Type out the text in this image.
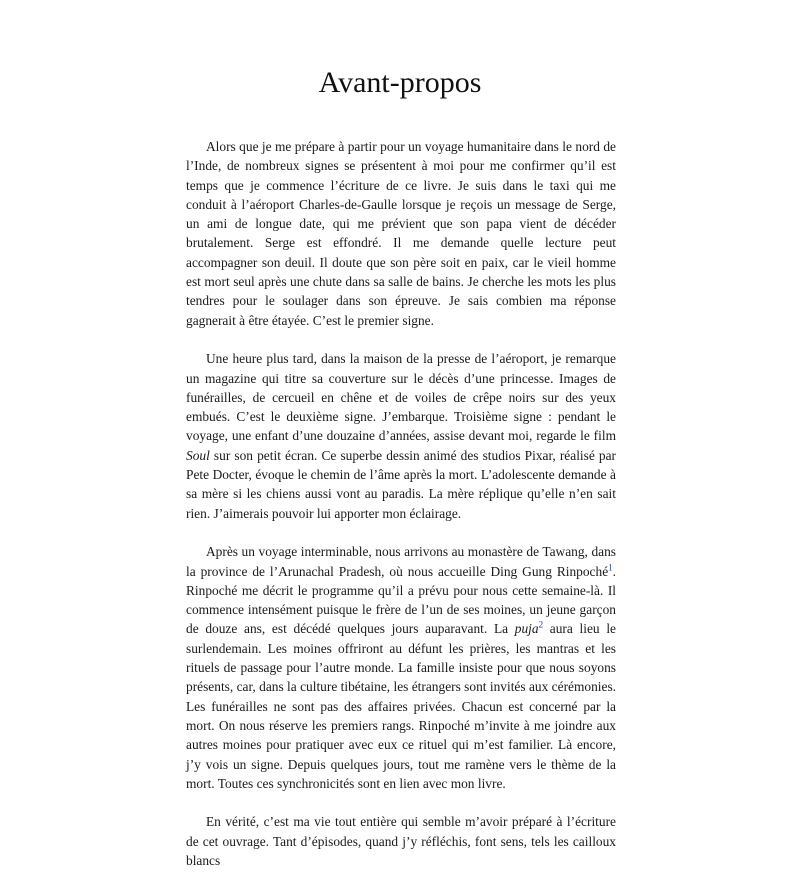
Avant-propos

Alors que je me prépare à partir pour un voyage humanitaire dans le nord de l’Inde, de nombreux signes se présentent à moi pour me confirmer qu’il est temps que je commence l’écriture de ce livre. Je suis dans le taxi qui me conduit à l’aéroport Charles-de-Gaulle lorsque je reçois un message de Serge, un ami de longue date, qui me prévient que son papa vient de décéder brutalement. Serge est effondré. Il me demande quelle lecture peut accompagner son deuil. Il doute que son père soit en paix, car le vieil homme est mort seul après une chute dans sa salle de bains. Je cherche les mots les plus tendres pour le soulager dans son épreuve. Je sais combien ma réponse gagnerait à être étayée. C’est le premier signe.

Une heure plus tard, dans la maison de la presse de l’aéroport, je remarque un magazine qui titre sa couverture sur le décès d’une princesse. Images de funérailles, de cercueil en chêne et de voiles de crêpe noirs sur des yeux embués. C’est le deuxième signe. J’embarque. Troisième signe : pendant le voyage, une enfant d’une douzaine d’années, assise devant moi, regarde le film Soul sur son petit écran. Ce superbe dessin animé des studios Pixar, réalisé par Pete Docter, évoque le chemin de l’âme après la mort. L’adolescente demande à sa mère si les chiens aussi vont au paradis. La mère réplique qu’elle n’en sait rien. J’aimerais pouvoir lui apporter mon éclairage.

Après un voyage interminable, nous arrivons au monastère de Tawang, dans la province de l’Arunachal Pradesh, où nous accueille Ding Gung Rinpoché$^1$. Rinpoché me décrit le programme qu’il a prévu pour nous cette semaine-là. Il commence intensément puisque le frère de l’un de ses moines, un jeune garçon de douze ans, est décédé quelques jours auparavant. La puja$^2$ aura lieu le surlendemain. Les moines offriront au défunt les prières, les mantras et les rituels de passage pour l’autre monde. La famille insiste pour que nous soyons présents, car, dans la culture tibétaine, les étrangers sont invités aux cérémonies. Les funérailles ne sont pas des affaires privées. Chacun est concerné par la mort. On nous réserve les premiers rangs. Rinpoché m’invite à me joindre aux autres moines pour pratiquer avec eux ce rituel qui m’est familier. Là encore, j’y vois un signe. Depuis quelques jours, tout me ramène vers le thème de la mort. Toutes ces synchronicités sont en lien avec mon livre.

En vérité, c’est ma vie tout entière qui semble m’avoir préparé à l’écriture de cet ouvrage. Tant d’épisodes, quand j’y réfléchis, font sens, tels les cailloux blancs
